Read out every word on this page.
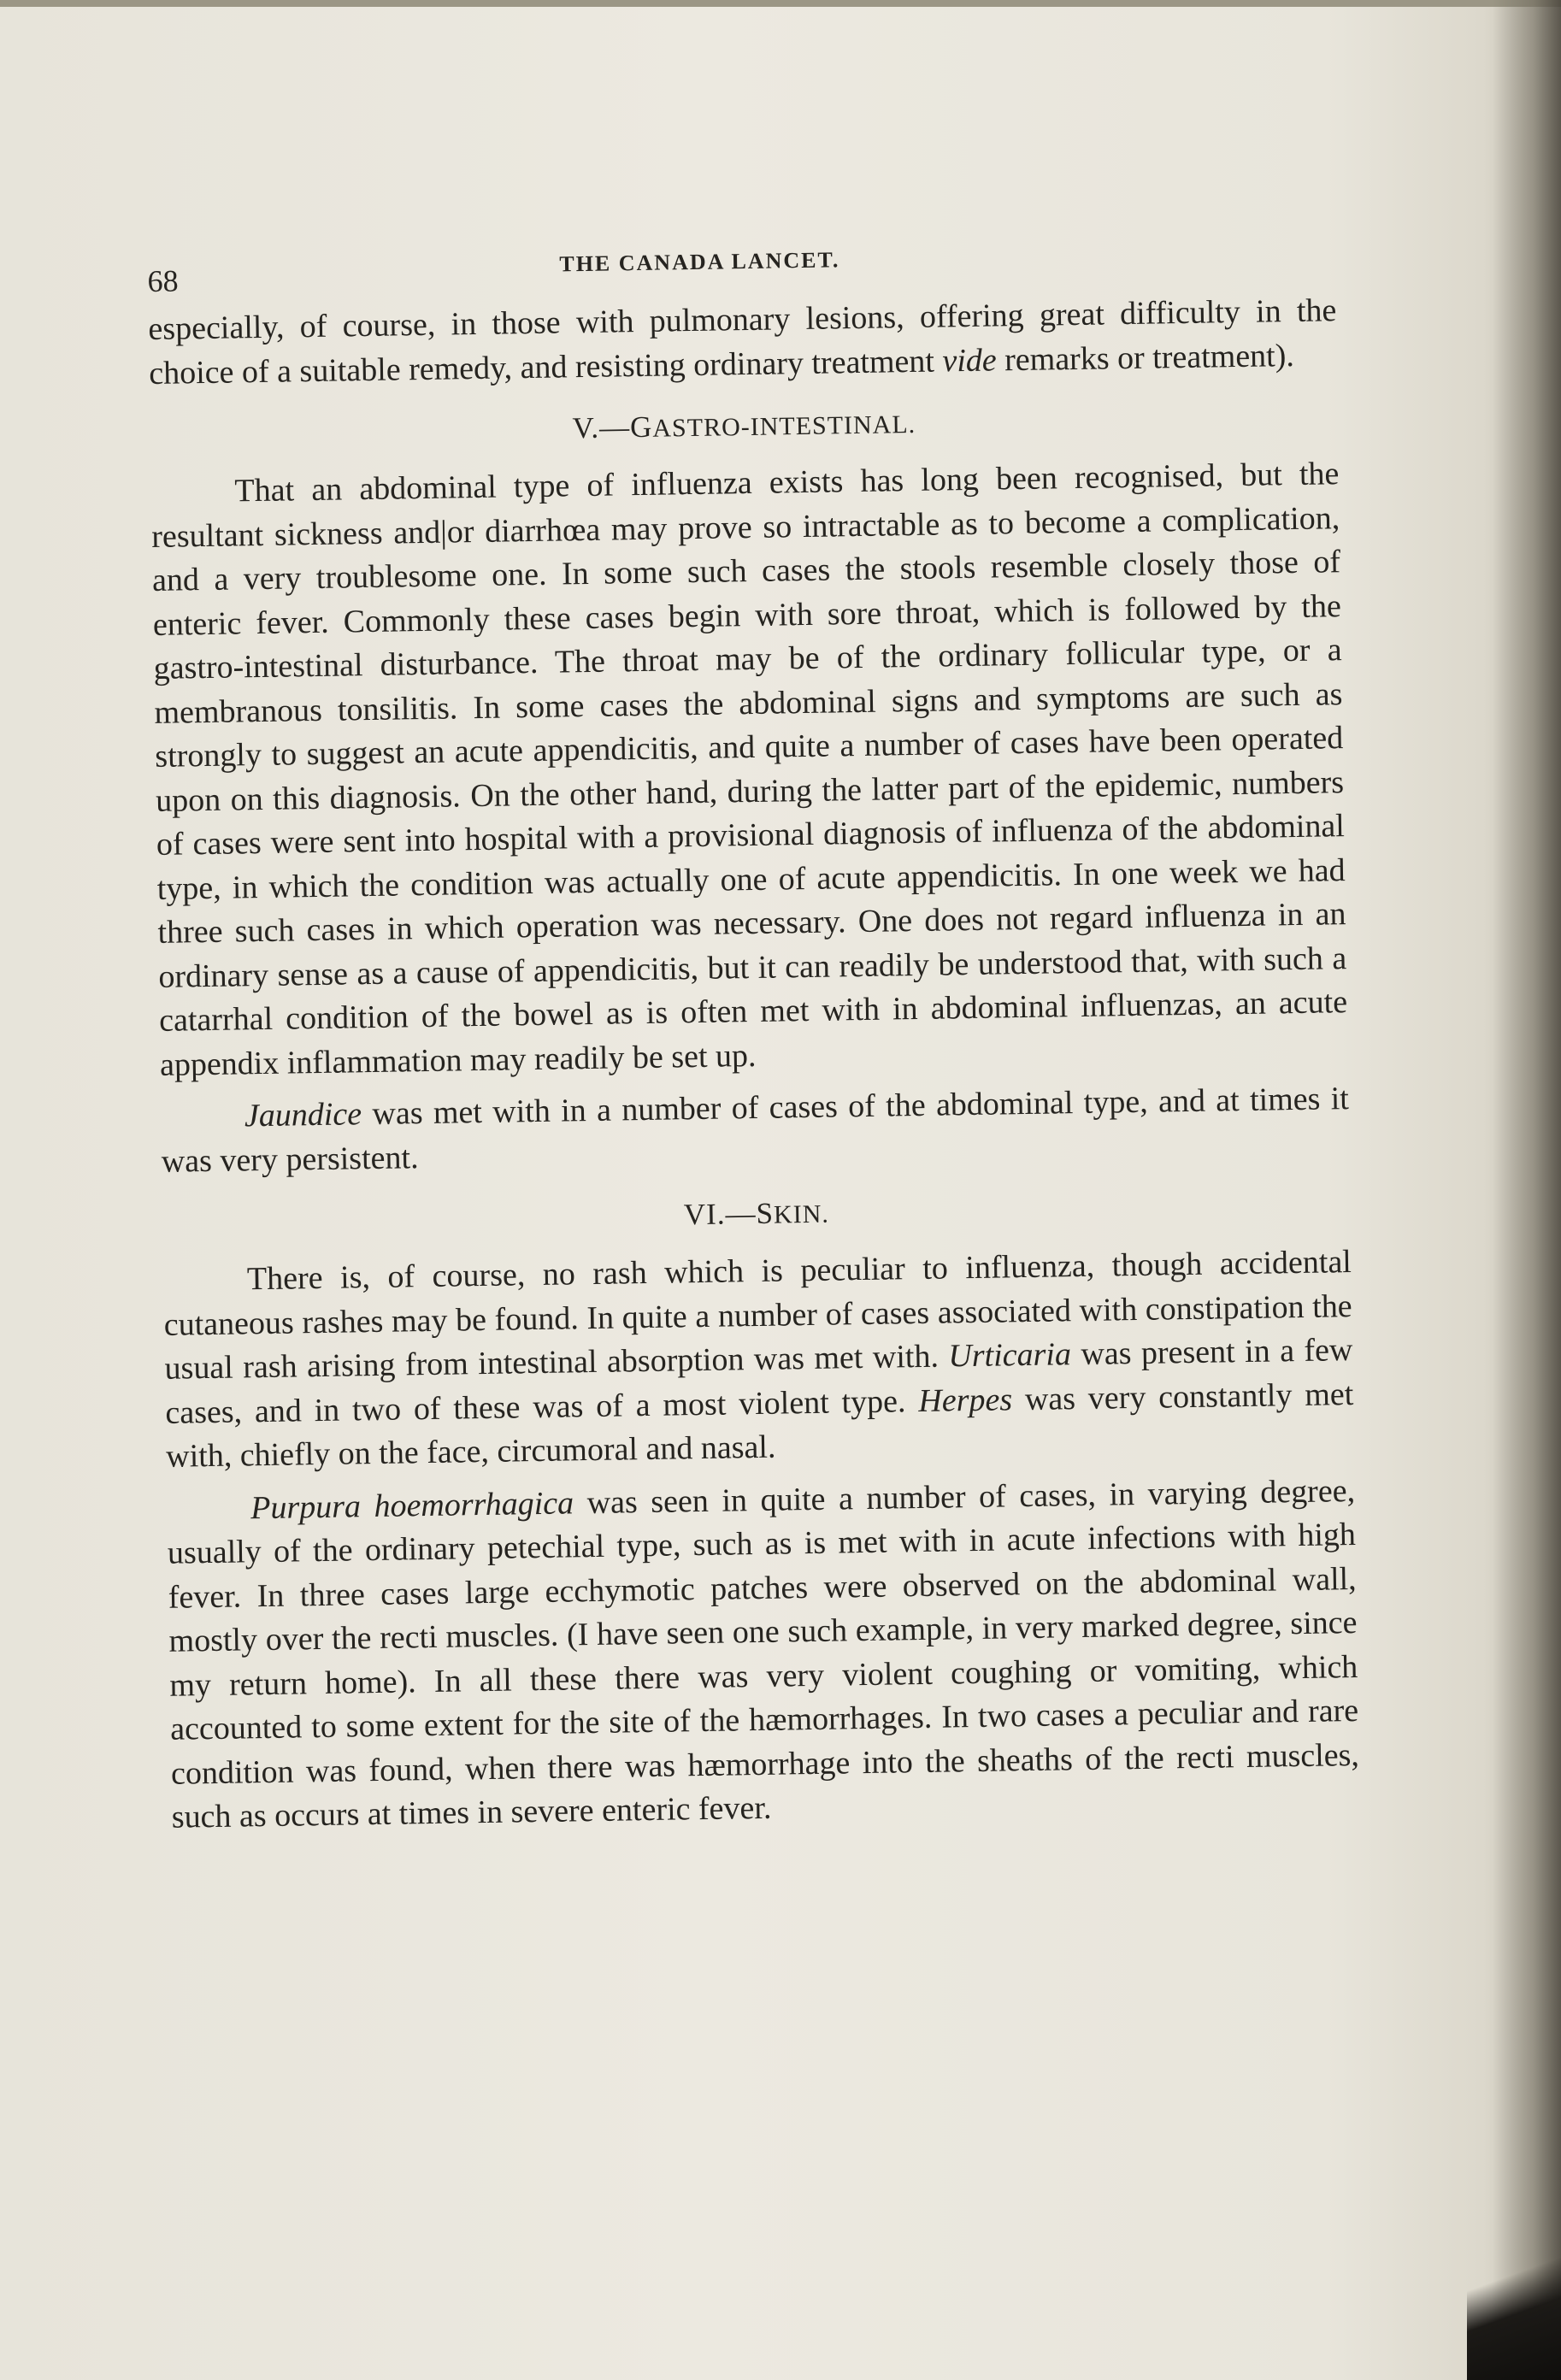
68
THE CANADA LANCET.

especially, of course, in those with pulmonary lesions, offering great difficulty in the choice of a suitable remedy, and resisting ordinary treatment vide remarks or treatment).

V.—GASTRO-INTESTINAL.

That an abdominal type of influenza exists has long been recognised, but the resultant sickness and|or diarrhœa may prove so intractable as to become a complication, and a very troublesome one. In some such cases the stools resemble closely those of enteric fever. Commonly these cases begin with sore throat, which is followed by the gastro-intestinal disturbance. The throat may be of the ordinary follicular type, or a membranous tonsilitis. In some cases the abdominal signs and symptoms are such as strongly to suggest an acute appendicitis, and quite a number of cases have been operated upon on this diagnosis. On the other hand, during the latter part of the epidemic, numbers of cases were sent into hospital with a provisional diagnosis of influenza of the abdominal type, in which the condition was actually one of acute appendicitis. In one week we had three such cases in which operation was necessary. One does not regard influenza in an ordinary sense as a cause of appendicitis, but it can readily be understood that, with such a catarrhal condition of the bowel as is often met with in abdominal influenzas, an acute appendix inflammation may readily be set up.

Jaundice was met with in a number of cases of the abdominal type, and at times it was very persistent.

VI.—SKIN.

There is, of course, no rash which is peculiar to influenza, though accidental cutaneous rashes may be found. In quite a number of cases associated with constipation the usual rash arising from intestinal absorption was met with. Urticaria was present in a few cases, and in two of these was of a most violent type. Herpes was very constantly met with, chiefly on the face, circumoral and nasal.

Purpura hoemorrhagica was seen in quite a number of cases, in varying degree, usually of the ordinary petechial type, such as is met with in acute infections with high fever. In three cases large ecchymotic patches were observed on the abdominal wall, mostly over the recti muscles. (I have seen one such example, in very marked degree, since my return home). In all these there was very violent coughing or vomiting, which accounted to some extent for the site of the hæmorrhages. In two cases a peculiar and rare condition was found, when there was hæmorrhage into the sheaths of the recti muscles, such as occurs at times in severe enteric fever.
